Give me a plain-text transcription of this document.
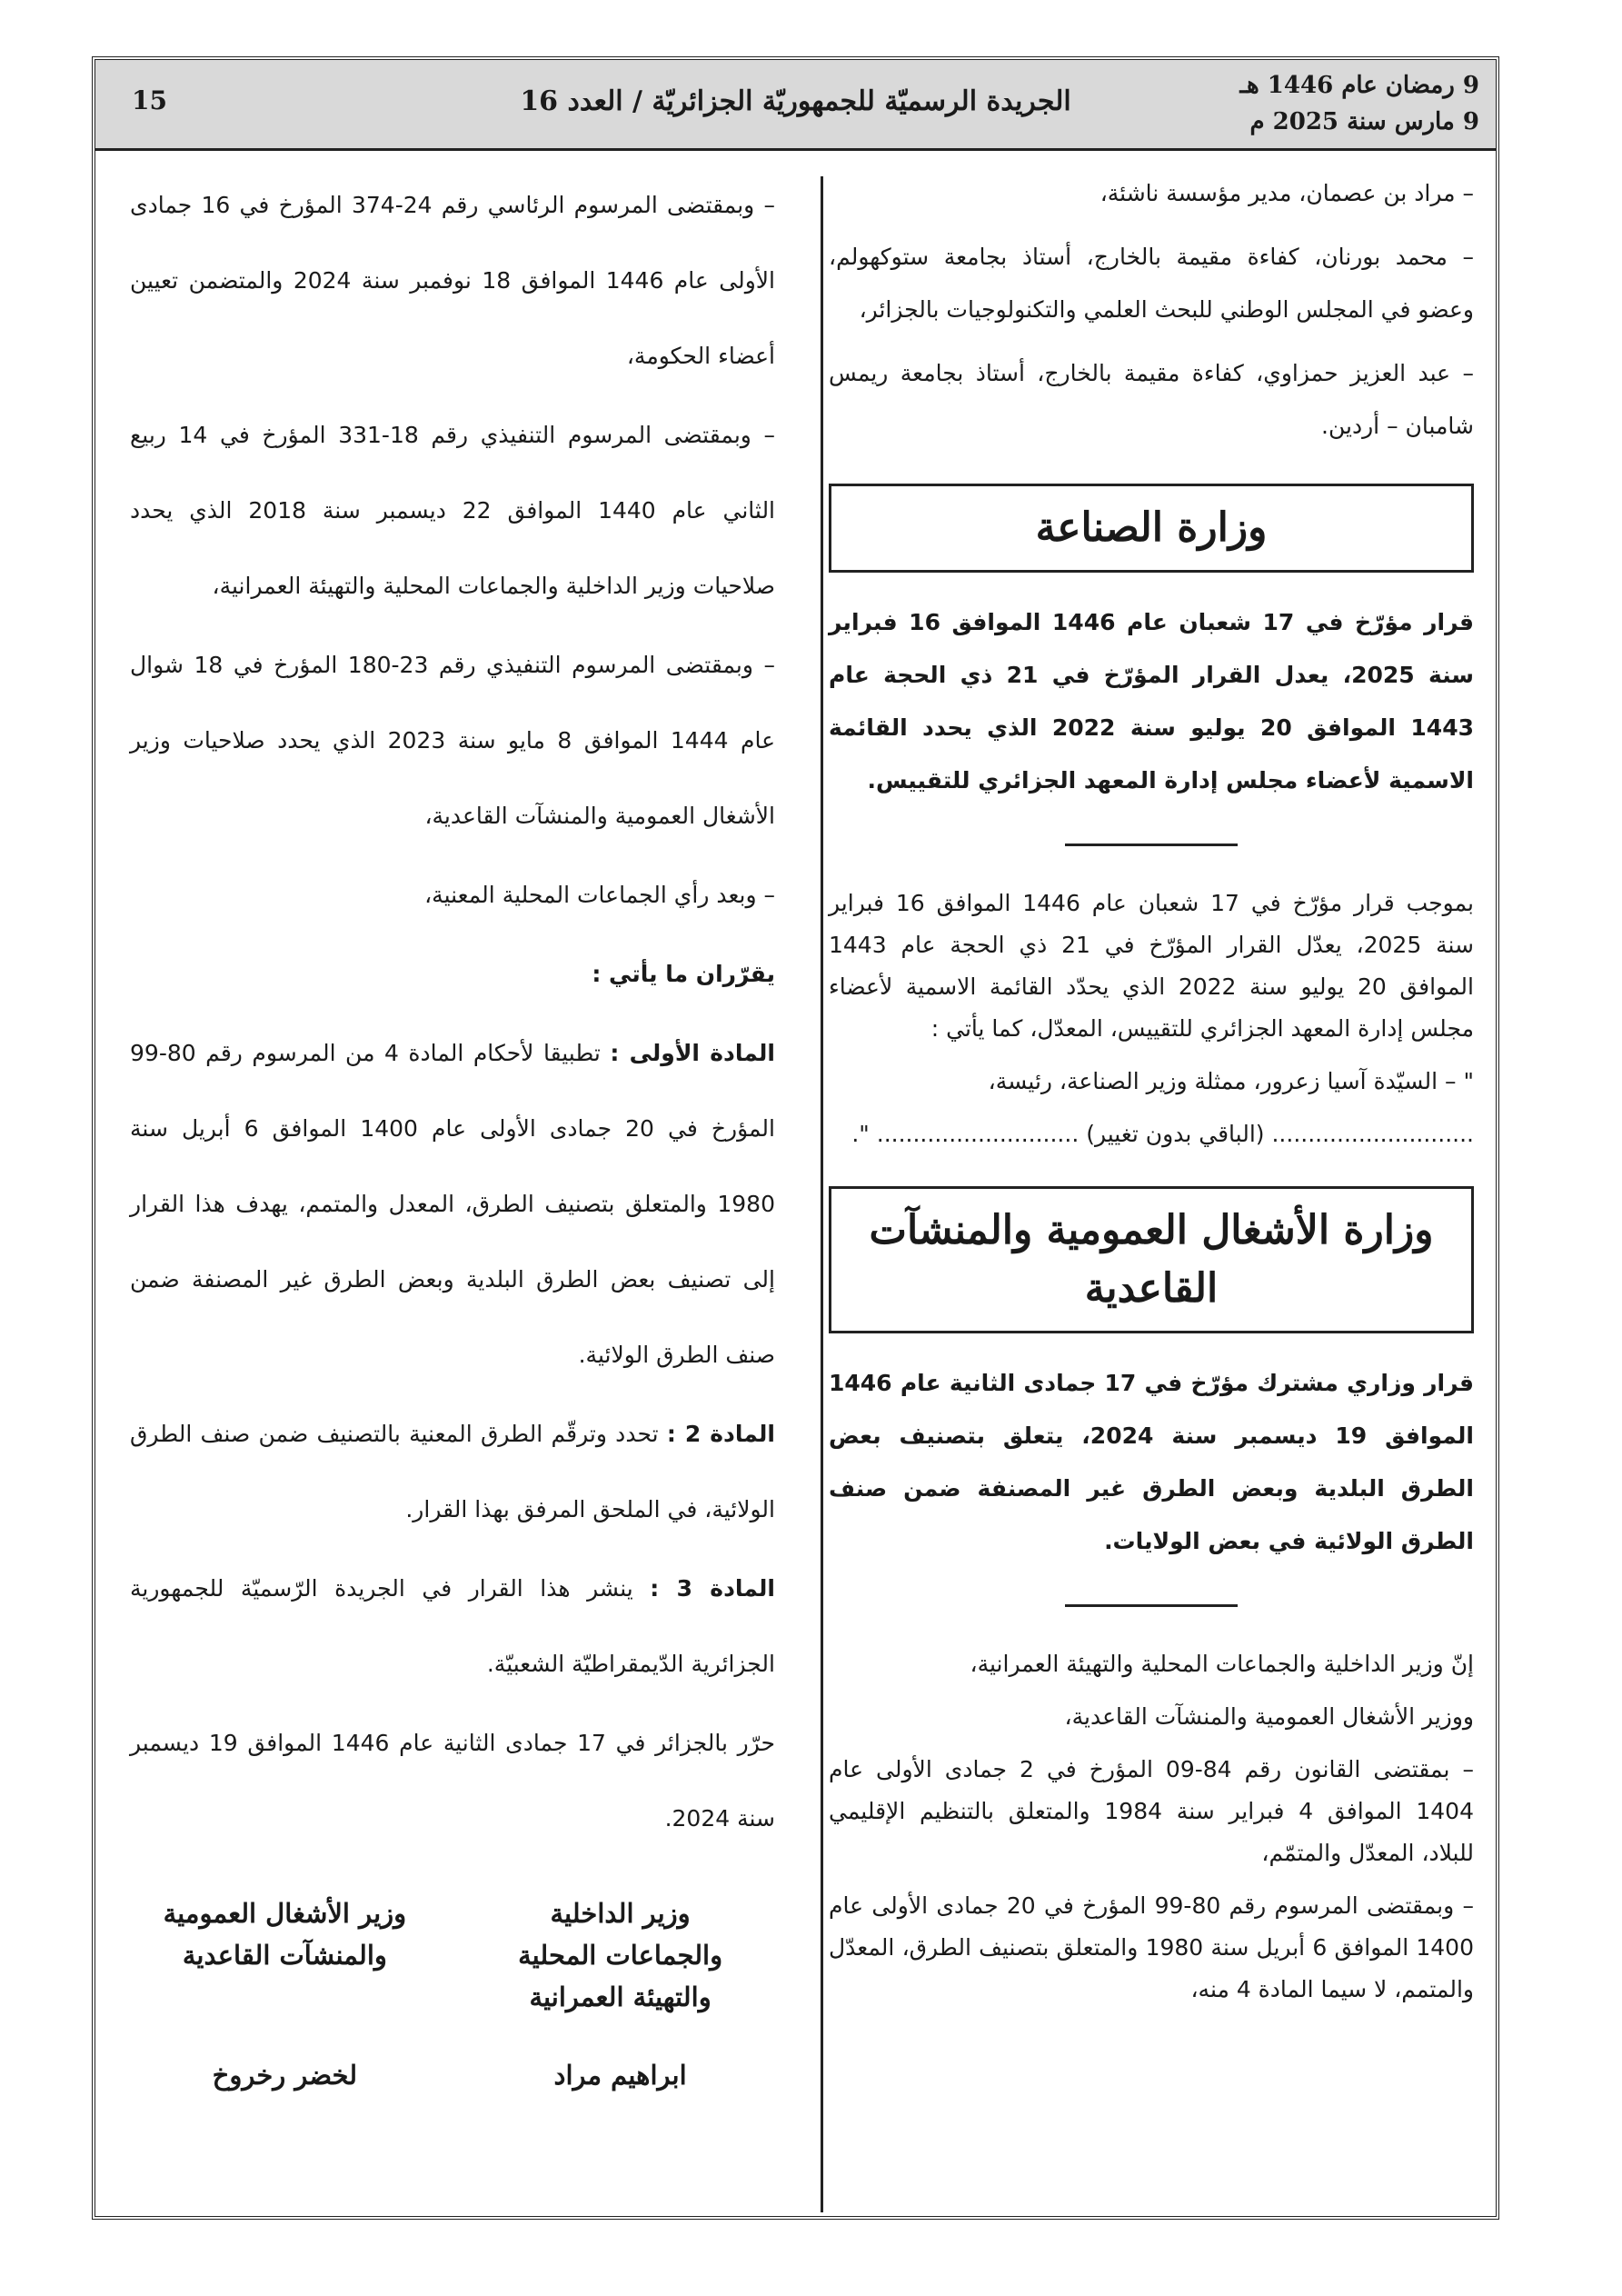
9 رمضان عام 1446 هـ
9 مارس سنة 2025 م
الجريدة الرسميّة للجمهوريّة الجزائريّة / العدد 16
15

– مراد بن عصمان، مدير مؤسسة ناشئة،

– محمد بورنان، كفاءة مقيمة بالخارج، أستاذ بجامعة ستوكهولم، وعضو في المجلس الوطني للبحث العلمي والتكنولوجيات بالجزائر،

– عبد العزيز حمزاوي، كفاءة مقيمة بالخارج، أستاذ بجامعة ريمس شامبان – أردين.

وزارة الصناعة

قرار مؤرّخ في 17 شعبان عام 1446 الموافق 16 فبراير سنة 2025، يعدل القرار المؤرّخ في 21 ذي الحجة عام 1443 الموافق 20 يوليو سنة 2022 الذي يحدد القائمة الاسمية لأعضاء مجلس إدارة المعهد الجزائري للتقييس.

بموجب قرار مؤرّخ في 17 شعبان عام 1446 الموافق 16 فبراير سنة 2025، يعدّل القرار المؤرّخ في 21 ذي الحجة عام 1443 الموافق 20 يوليو سنة 2022 الذي يحدّد القائمة الاسمية لأعضاء مجلس إدارة المعهد الجزائري للتقييس، المعدّل، كما يأتي :

" – السيّدة آسيا زعرور، ممثلة وزير الصناعة، رئيسة،

............................ (الباقي بدون تغيير) ............................ ".

وزارة الأشغال العمومية والمنشآت القاعدية

قرار وزاري مشترك مؤرّخ في 17 جمادى الثانية عام 1446 الموافق 19 ديسمبر سنة 2024، يتعلق بتصنيف بعض الطرق البلدية وبعض الطرق غير المصنفة ضمن صنف الطرق الولائية في بعض الولايات.

إنّ وزير الداخلية والجماعات المحلية والتهيئة العمرانية،

ووزير الأشغال العمومية والمنشآت القاعدية،

– بمقتضى القانون رقم 84-09 المؤرخ في 2 جمادى الأولى عام 1404 الموافق 4 فبراير سنة 1984 والمتعلق بالتنظيم الإقليمي للبلاد، المعدّل والمتمّم،

– وبمقتضى المرسوم رقم 80-99 المؤرخ في 20 جمادى الأولى عام 1400 الموافق 6 أبريل سنة 1980 والمتعلق بتصنيف الطرق، المعدّل والمتمم، لا سيما المادة 4 منه،

– وبمقتضى المرسوم الرئاسي رقم 24-374 المؤرخ في 16 جمادى الأولى عام 1446 الموافق 18 نوفمبر سنة 2024 والمتضمن تعيين أعضاء الحكومة،

– وبمقتضى المرسوم التنفيذي رقم 18-331 المؤرخ في 14 ربيع الثاني عام 1440 الموافق 22 ديسمبر سنة 2018 الذي يحدد صلاحيات وزير الداخلية والجماعات المحلية والتهيئة العمرانية،

– وبمقتضى المرسوم التنفيذي رقم 23-180 المؤرخ في 18 شوال عام 1444 الموافق 8 مايو سنة 2023 الذي يحدد صلاحيات وزير الأشغال العمومية والمنشآت القاعدية،

– وبعد رأي الجماعات المحلية المعنية،

يقرّران ما يأتي :

المادة الأولى : تطبيقا لأحكام المادة 4 من المرسوم رقم 80-99 المؤرخ في 20 جمادى الأولى عام 1400 الموافق 6 أبريل سنة 1980 والمتعلق بتصنيف الطرق، المعدل والمتمم، يهدف هذا القرار إلى تصنيف بعض الطرق البلدية وبعض الطرق غير المصنفة ضمن صنف الطرق الولائية.

المادة 2 : تحدد وترقّم الطرق المعنية بالتصنيف ضمن صنف الطرق الولائية، في الملحق المرفق بهذا القرار.

المادة 3 : ينشر هذا القرار في الجريدة الرّسميّة للجمهورية الجزائرية الدّيمقراطيّة الشعبيّة.

حرّر بالجزائر في 17 جمادى الثانية عام 1446 الموافق 19 ديسمبر سنة 2024.

وزير الداخلية
والجماعات المحلية
والتهيئة العمرانية
ابراهيم مراد
وزير الأشغال العمومية
والمنشآت القاعدية
لخضر رخروخ
